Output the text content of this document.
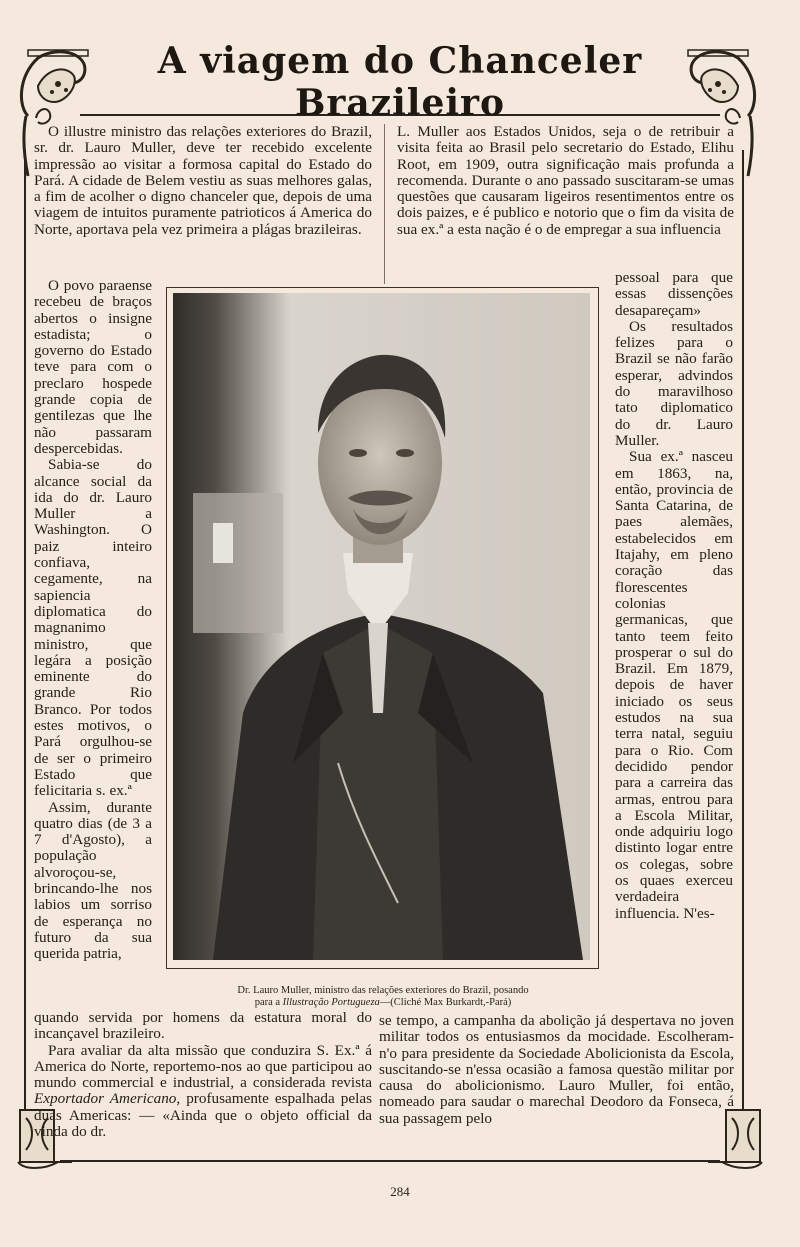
A viagem do Chanceler Brazileiro

O illustre ministro das relações exteriores do Brazil, sr. dr. Lauro Muller, deve ter recebido excelente impressão ao visitar a formosa capital do Estado do Pará. A cidade de Belem vestiu as suas melhores galas, a fim de acolher o digno chanceler que, depois de uma viagem de intuitos puramente patrioticos á America do Norte, aportava pela vez primeira a plágas brazileiras.

L. Muller aos Estados Unidos, seja o de retribuir a visita feita ao Brasil pelo secretario do Estado, Elihu Root, em 1909, outra significação mais profunda a recomenda. Durante o ano passado suscitaram-se umas questões que causaram ligeiros resentimentos entre os dois paizes, e é publico e notorio que o fim da visita de sua ex.ª a esta nação é o de empregar a sua influencia

O povo paraense recebeu de braços abertos o insigne estadista; o governo do Estado teve para com o preclaro hospede grande copia de gentilezas que lhe não passaram despercebidas.

Sabia-se do alcance social da ida do dr. Lauro Muller a Washington. O paiz inteiro confiava, cegamente, na sapiencia diplomatica do magnanimo ministro, que legára a posição eminente do grande Rio Branco. Por todos estes motivos, o Pará orgulhou-se de ser o primeiro Estado que felicitaria s. ex.ª

Assim, durante quatro dias (de 3 a 7 d'Agosto), a população alvoroçou-se, brincando-lhe nos labios um sorriso de esperança no futuro da sua querida patria,

pessoal para que essas dissenções desapareçam»

Os resultados felizes para o Brazil se não farão esperar, advindos do maravilhoso tato diplomatico do dr. Lauro Muller.

Sua ex.ª nasceu em 1863, na, então, provincia de Santa Catarina, de paes alemães, estabelecidos em Itajahy, em pleno coração das florescentes colonias germanicas, que tanto teem feito prosperar o sul do Brazil. Em 1879, depois de haver iniciado os seus estudos na sua terra natal, seguiu para o Rio. Com decidido pendor para a carreira das armas, entrou para a Escola Militar, onde adquiriu logo distinto logar entre os colegas, sobre os quaes exerceu verdadeira influencia. N'es-

Dr. Lauro Muller, ministro das relações exteriores do Brazil, posando
para a Illustração Portugueza—(Cliché Max Burkardt,-Pará)

quando servida por homens da estatura moral do incançavel brazileiro.

Para avaliar da alta missão que conduzira S. Ex.ª á America do Norte, reportemo-nos ao que participou ao mundo commercial e industrial, a considerada revista Exportador Americano, profusamente espalhada pelas duas Americas: — «Ainda que o objeto official da vinda do dr.

se tempo, a campanha da abolição já despertava no joven militar todos os entusiasmos da mocidade. Escolheram-n'o para presidente da Sociedade Abolicionista da Escola, suscitando-se n'essa ocasião a famosa questão militar por causa do abolicionismo. Lauro Muller, foi então, nomeado para saudar o marechal Deodoro da Fonseca, á sua passagem pelo

284
